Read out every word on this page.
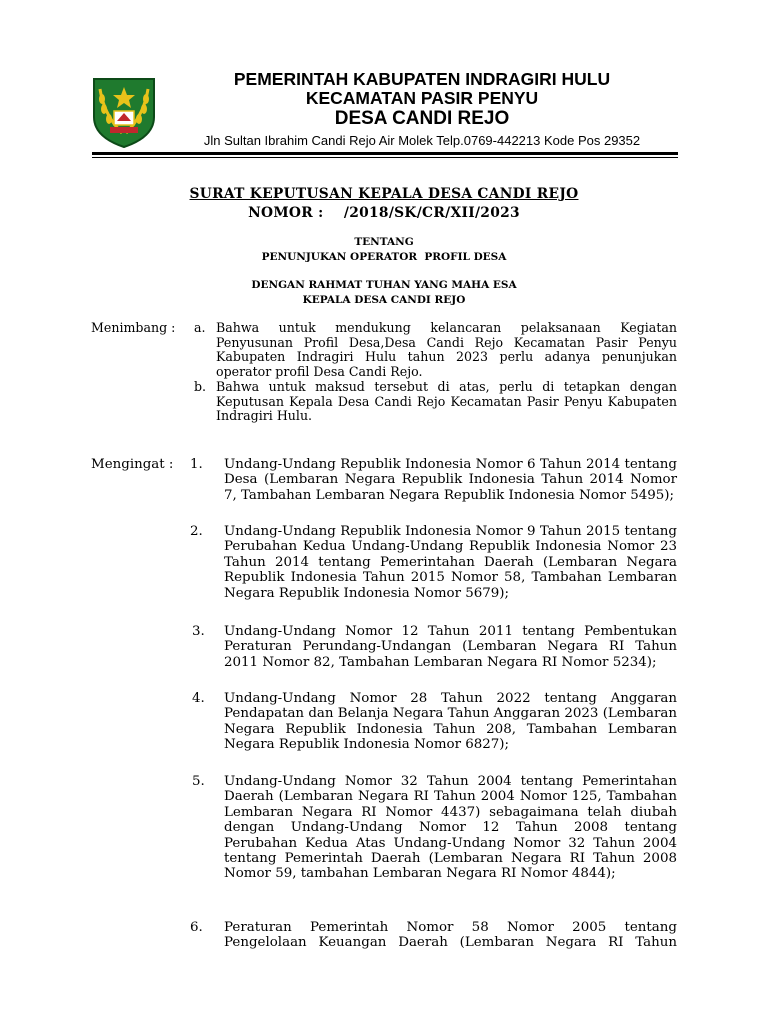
PEMERINTAH KABUPATEN INDRAGIRI HULU
KECAMATAN PASIR PENYU
DESA CANDI REJO
Jln Sultan Ibrahim Candi Rejo Air Molek Telp.0769-442213 Kode Pos 29352
SURAT KEPUTUSAN KEPALA DESA CANDI REJO
NOMOR :    /2018/SK/CR/XII/2023
TENTANG
PENUNJUKAN OPERATOR  PROFIL DESA
DENGAN RAHMAT TUHAN YANG MAHA ESA
KEPALA DESA CANDI REJO
Menimbang : a. Bahwa untuk mendukung kelancaran pelaksanaan Kegiatan Penyusunan Profil Desa,Desa Candi Rejo Kecamatan Pasir Penyu Kabupaten Indragiri Hulu tahun 2023 perlu adanya penunjukan operator profil Desa Candi Rejo.
b. Bahwa untuk maksud tersebut di atas, perlu di tetapkan dengan Keputusan Kepala Desa Candi Rejo Kecamatan Pasir Penyu Kabupaten Indragiri Hulu.
Mengingat : 1. Undang-Undang Republik Indonesia Nomor 6 Tahun 2014 tentang Desa (Lembaran Negara Republik Indonesia Tahun 2014 Nomor 7, Tambahan Lembaran Negara Republik Indonesia Nomor 5495);
2. Undang-Undang Republik Indonesia Nomor 9 Tahun 2015 tentang Perubahan Kedua Undang-Undang Republik Indonesia Nomor 23 Tahun 2014 tentang Pemerintahan Daerah (Lembaran Negara Republik Indonesia Tahun 2015 Nomor 58, Tambahan Lembaran Negara Republik Indonesia Nomor 5679);
3. Undang-Undang Nomor 12 Tahun 2011 tentang Pembentukan Peraturan Perundang-Undangan (Lembaran Negara RI Tahun 2011 Nomor 82, Tambahan Lembaran Negara RI Nomor 5234);
4. Undang-Undang Nomor 28 Tahun 2022 tentang Anggaran Pendapatan dan Belanja Negara Tahun Anggaran 2023 (Lembaran Negara Republik Indonesia Tahun 208, Tambahan Lembaran Negara Republik Indonesia Nomor 6827);
5. Undang-Undang Nomor 32 Tahun 2004 tentang Pemerintahan Daerah (Lembaran Negara RI Tahun 2004 Nomor 125, Tambahan Lembaran Negara RI Nomor 4437) sebagaimana telah diubah dengan Undang-Undang Nomor 12 Tahun 2008 tentang Perubahan Kedua Atas Undang-Undang Nomor 32 Tahun 2004 tentang Pemerintah Daerah (Lembaran Negara RI Tahun 2008 Nomor 59, tambahan Lembaran Negara RI Nomor 4844);
6. Peraturan Pemerintah Nomor 58 Nomor 2005 tentang Pengelolaan Keuangan Daerah (Lembaran Negara RI Tahun
